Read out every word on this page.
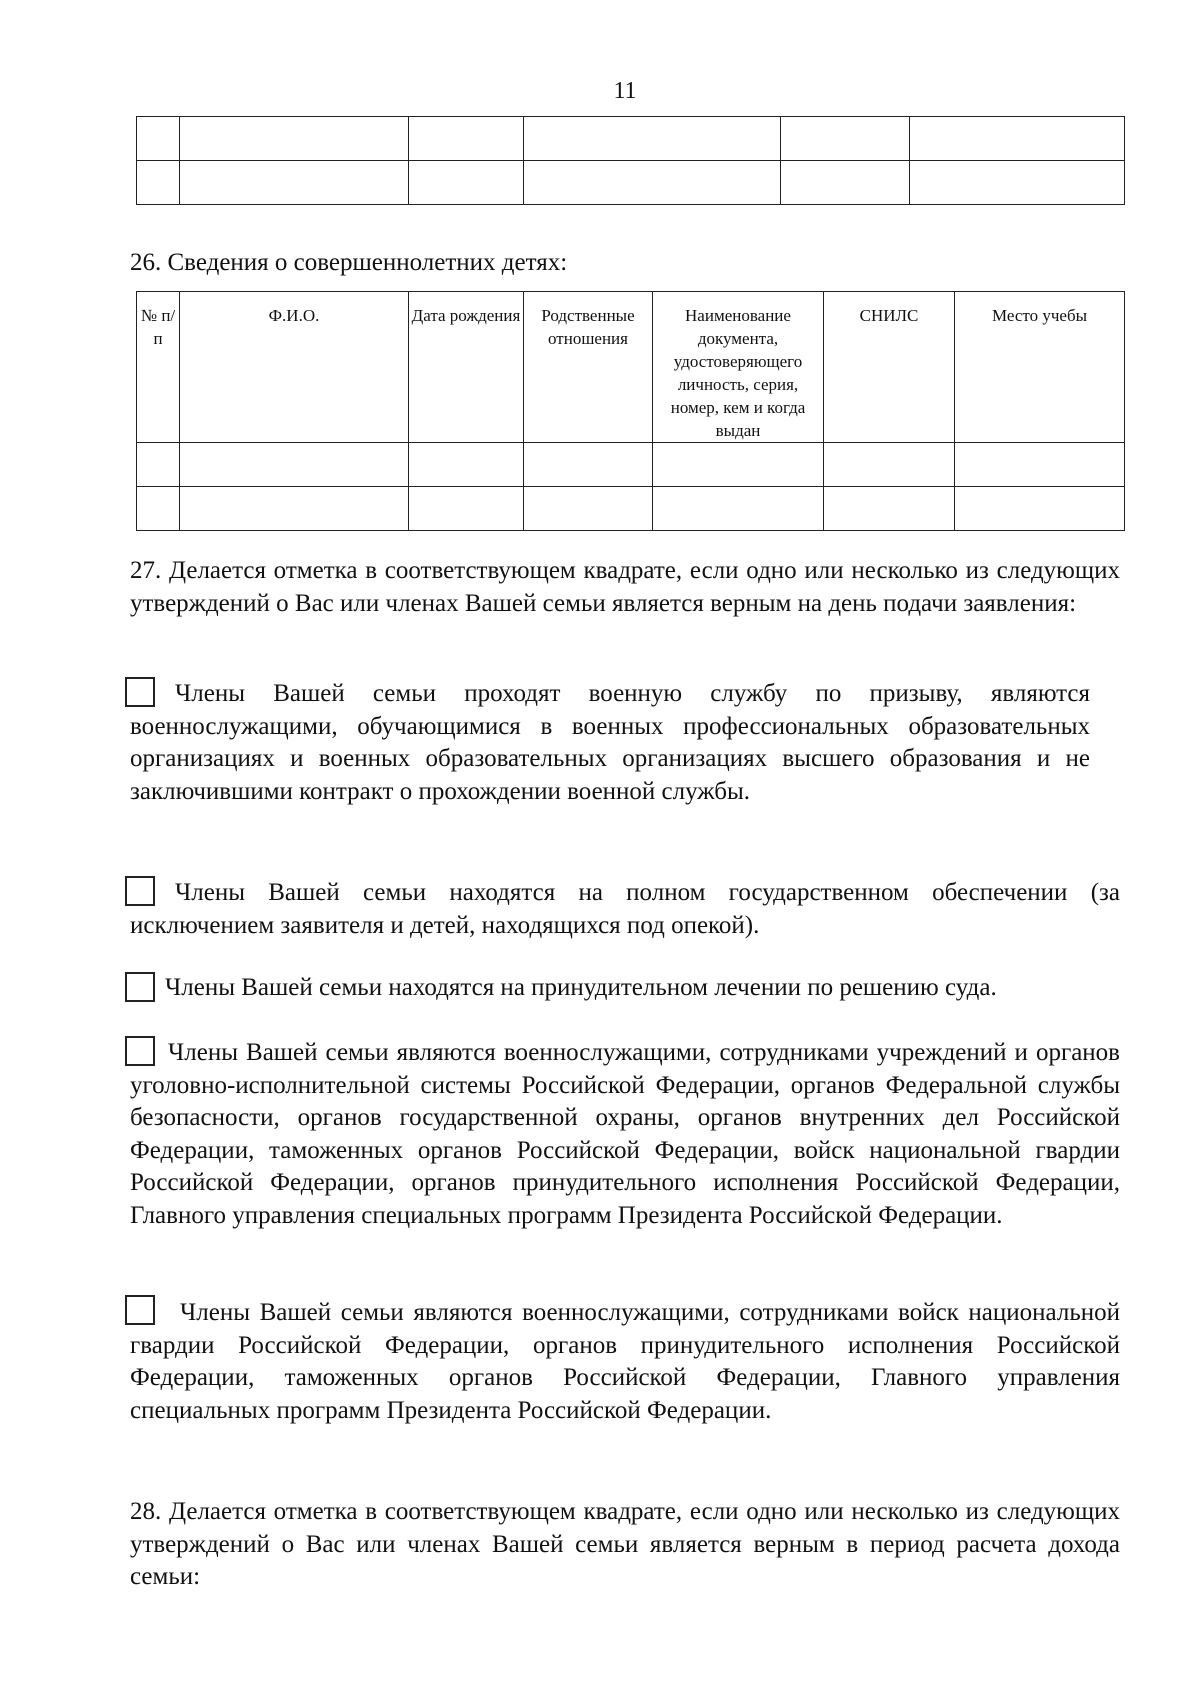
11

26. Сведения о совершеннолетних детях:

№ п/п	Ф.И.О.	Дата рождения	Родственные отношения	Наименование документа, удостоверяющего личность, серия, номер, кем и когда выдан	СНИЛС	Место учебы

27. Делается отметка в соответствующем квадрате, если одно или несколько из следующих утверждений о Вас или членах Вашей семьи является верным на день подачи заявления:

Члены Вашей семьи проходят военную службу по призыву, являются военнослужащими, обучающимися в военных профессиональных образовательных организациях и военных образовательных организациях высшего образования и не заключившими контракт о прохождении военной службы.

Члены Вашей семьи находятся на полном государственном обеспечении (за исключением заявителя и детей, находящихся под опекой).

Члены Вашей семьи находятся на принудительном лечении по решению суда.

Члены Вашей семьи являются военнослужащими, сотрудниками учреждений и органов уголовно-исполнительной системы Российской Федерации, органов Федеральной службы безопасности, органов государственной охраны, органов внутренних дел Российской Федерации, таможенных органов Российской Федерации, войск национальной гвардии Российской Федерации, органов принудительного исполнения Российской Федерации, Главного управления специальных программ Президента Российской Федерации.

Члены Вашей семьи являются военнослужащими, сотрудниками войск национальной гвардии Российской Федерации, органов принудительного исполнения Российской Федерации, таможенных органов Российской Федерации, Главного управления специальных программ Президента Российской Федерации.

28. Делается отметка в соответствующем квадрате, если одно или несколько из следующих утверждений о Вас или членах Вашей семьи является верным в период расчета дохода семьи:
